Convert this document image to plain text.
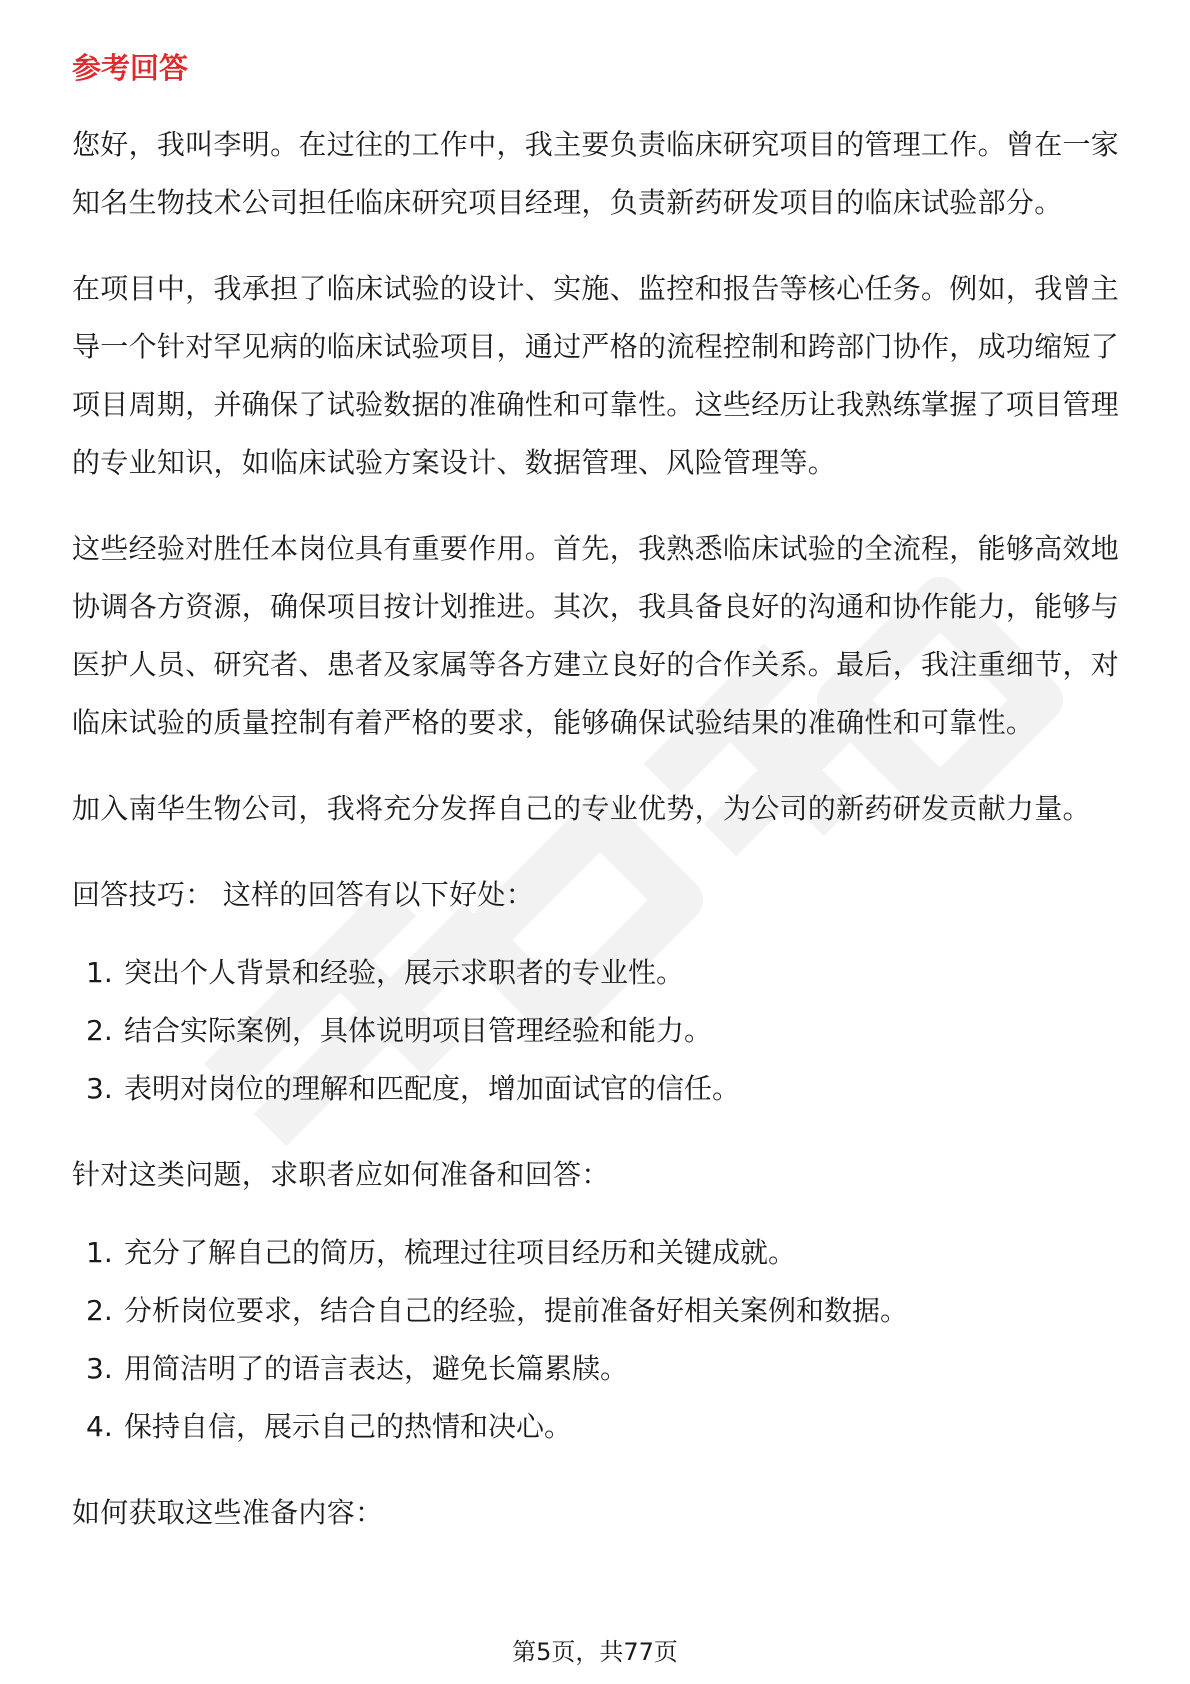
参考回答

您好，我叫李明。在过往的工作中，我主要负责临床研究项目的管理工作。曾在一家知名生物技术公司担任临床研究项目经理，负责新药研发项目的临床试验部分。

在项目中，我承担了临床试验的设计、实施、监控和报告等核心任务。例如，我曾主导一个针对罕见病的临床试验项目，通过严格的流程控制和跨部门协作，成功缩短了项目周期，并确保了试验数据的准确性和可靠性。这些经历让我熟练掌握了项目管理的专业知识，如临床试验方案设计、数据管理、风险管理等。

这些经验对胜任本岗位具有重要作用。首先，我熟悉临床试验的全流程，能够高效地协调各方资源，确保项目按计划推进。其次，我具备良好的沟通和协作能力，能够与医护人员、研究者、患者及家属等各方建立良好的合作关系。最后，我注重细节，对临床试验的质量控制有着严格的要求，能够确保试验结果的准确性和可靠性。

加入南华生物公司，我将充分发挥自己的专业优势，为公司的新药研发贡献力量。

回答技巧： 这样的回答有以下好处：

1. 突出个人背景和经验，展示求职者的专业性。
2. 结合实际案例，具体说明项目管理经验和能力。
3. 表明对岗位的理解和匹配度，增加面试官的信任。

针对这类问题，求职者应如何准备和回答：

1. 充分了解自己的简历，梳理过往项目经历和关键成就。
2. 分析岗位要求，结合自己的经验，提前准备好相关案例和数据。
3. 用简洁明了的语言表达，避免长篇累牍。
4. 保持自信，展示自己的热情和决心。

如何获取这些准备内容：

第5页，共77页
